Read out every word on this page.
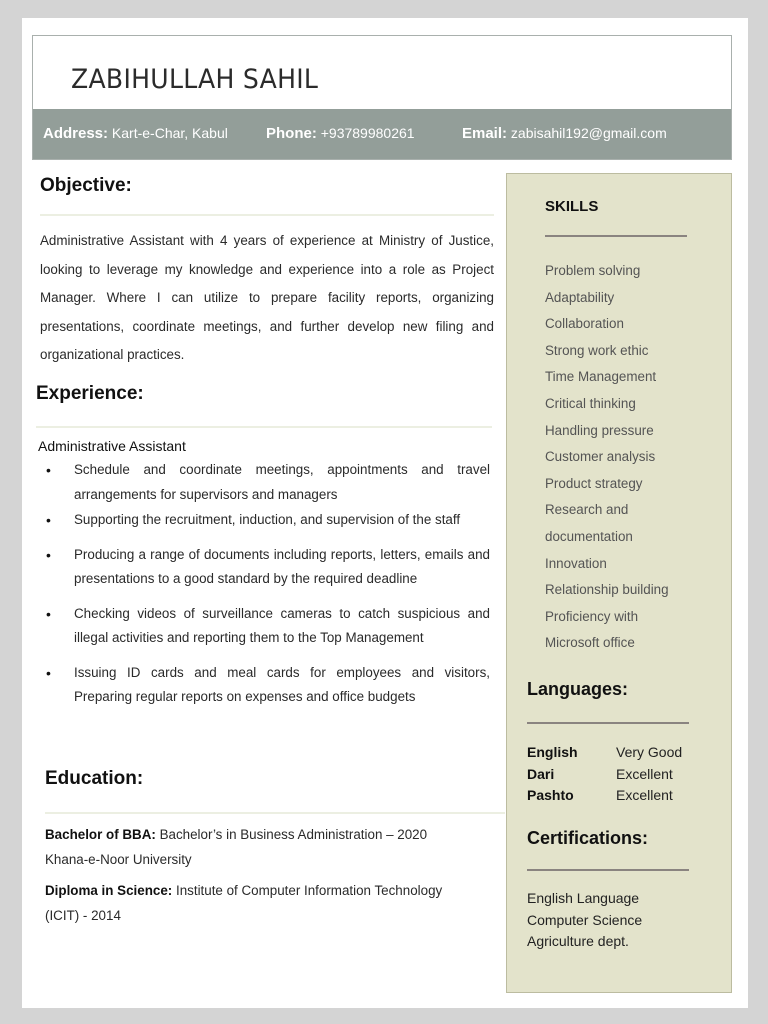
ZABIHULLAH SAHIL
Address: Kart-e-Char, Kabul	Phone: +93789980261	Email: zabisahil192@gmail.com
Objective:
Administrative Assistant with 4 years of experience at Ministry of Justice, looking to leverage my knowledge and experience into a role as Project Manager. Where I can utilize to prepare facility reports, organizing presentations, coordinate meetings, and further develop new filing and organizational practices.
Experience:
Administrative Assistant
• Schedule and coordinate meetings, appointments and travel arrangements for supervisors and managers
• Supporting the recruitment, induction, and supervision of the staff
• Producing a range of documents including reports, letters, emails and presentations to a good standard by the required deadline
• Checking videos of surveillance cameras to catch suspicious and illegal activities and reporting them to the Top Management
• Issuing ID cards and meal cards for employees and visitors, Preparing regular reports on expenses and office budgets
Education:
Bachelor of BBA: Bachelor’s in Business Administration – 2020
Khana-e-Noor University
Diploma in Science: Institute of Computer Information Technology
(ICIT) - 2014
SKILLS
Problem solving
Adaptability
Collaboration
Strong work ethic
Time Management
Critical thinking
Handling pressure
Customer analysis
Product strategy
Research and
documentation
Innovation
Relationship building
Proficiency with
Microsoft office
Languages:
English	Very Good
Dari	Excellent
Pashto	Excellent
Certifications:
English Language
Computer Science
Agriculture dept.
